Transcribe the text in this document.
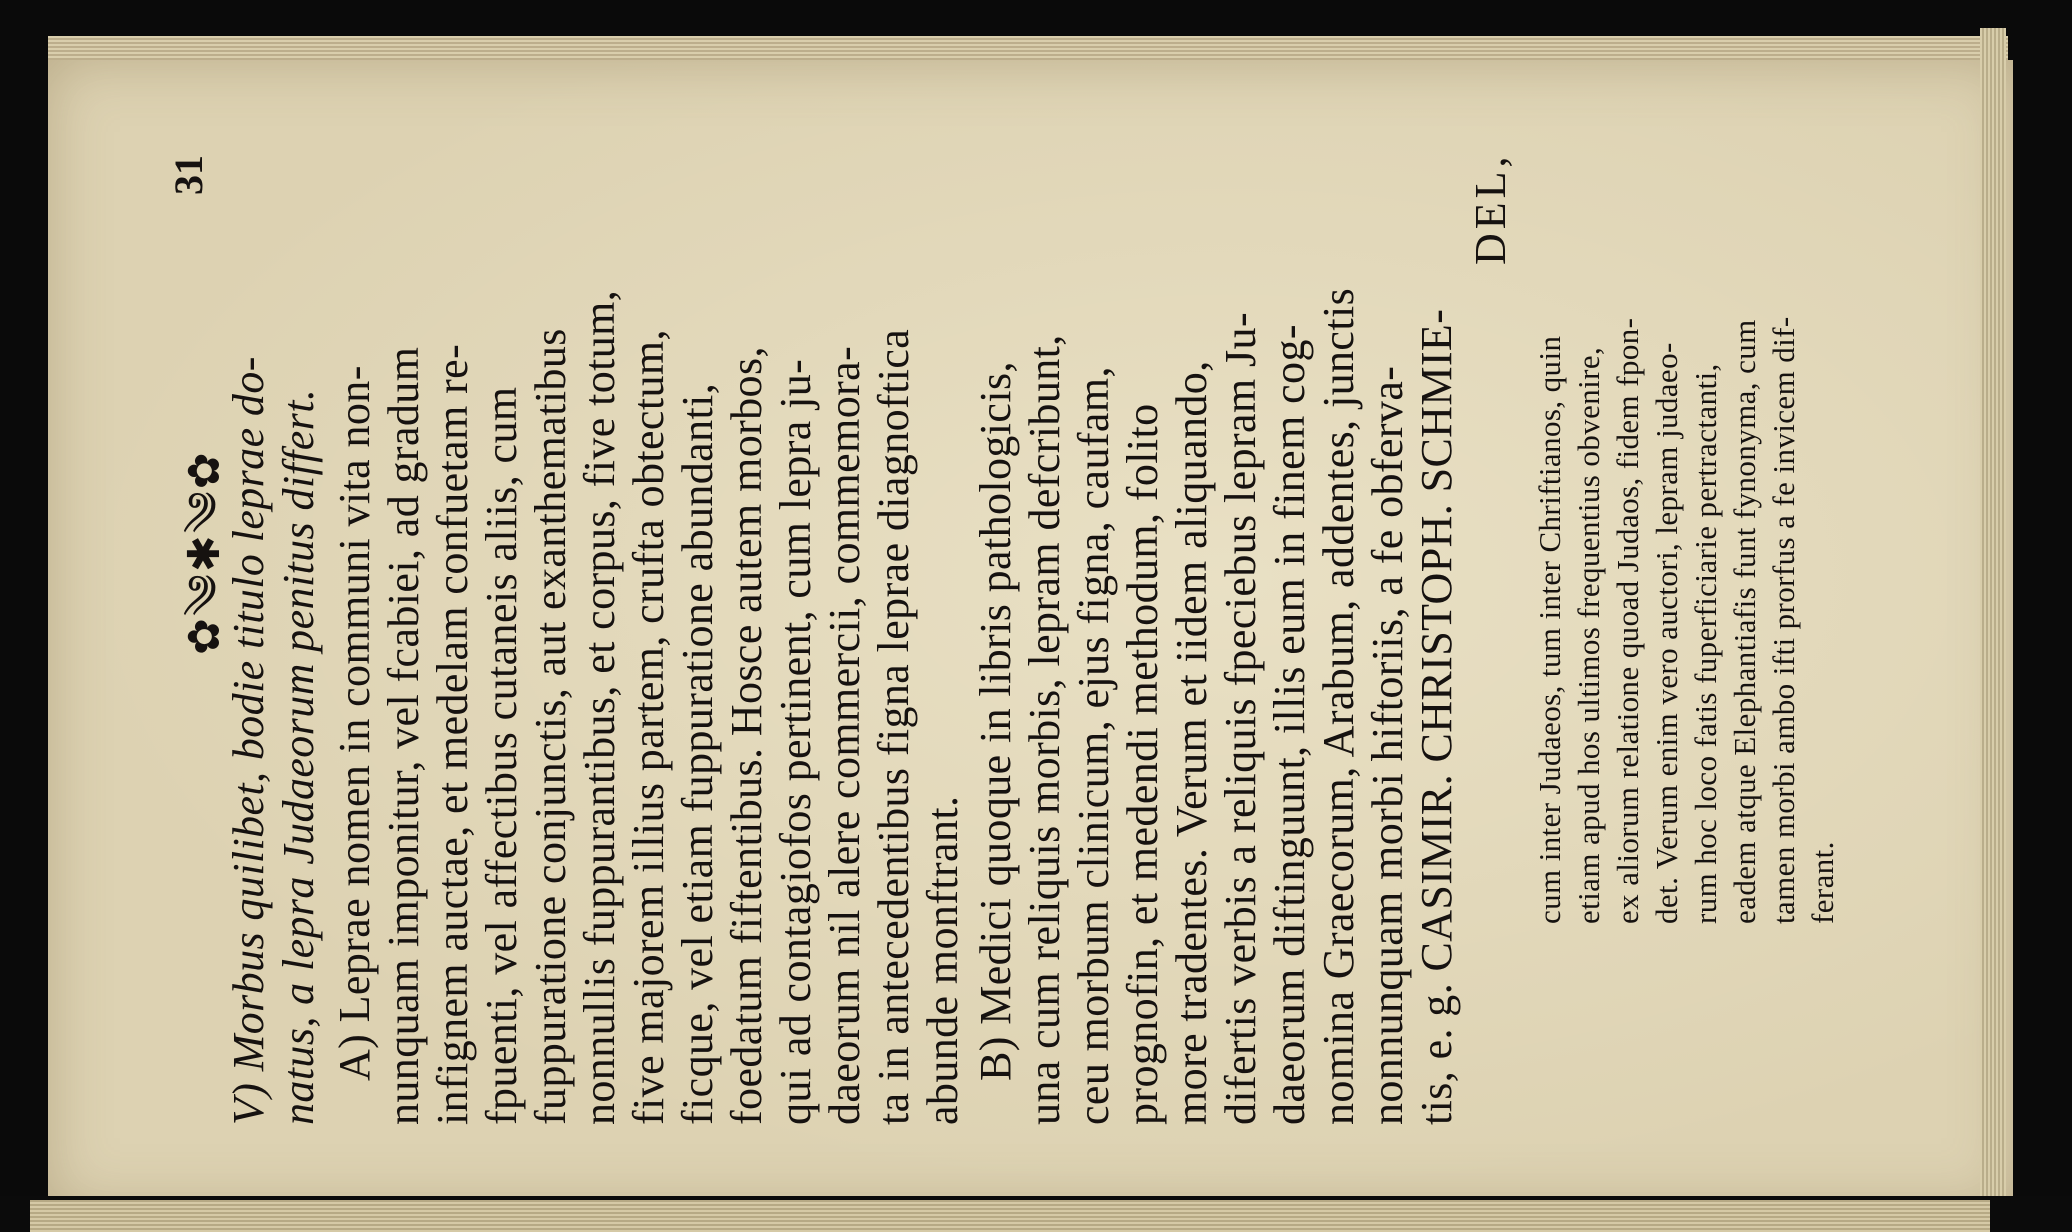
31
✿༄✱༄✿
V) Morbus quilibet, bodie titulo leprae do- natus, a lepra Judaeorum penitus differt. A) Leprae nomen in communi vita non- nunquam imponitur, vel fcabiei, ad gradum infignem auctae, et medelam confuetam re- fpuenti, vel affectibus cutaneis aliis, cum fuppuratione conjunctis, aut exanthematibus nonnullis fuppurantibus, et corpus, five totum, five majorem illius partem, crufta obtectum, ficque, vel etiam fuppuratione abundanti, foedatum fiftentibus. Hosce autem morbos, qui ad contagiofos pertinent, cum lepra ju- daeorum nil alere commercii, commemora- ta in antecedentibus figna leprae diagnoftica abunde monftrant. B) Medici quoque in libris pathologicis, una cum reliquis morbis, lepram defcribunt, ceu morbum clinicum, ejus figna, caufam, prognofin, et medendi methodum, folito more tradentes. Verum et iidem aliquando, difertis verbis a reliquis fpeciebus lepram Ju- daeorum diftinguunt, illis eum in finem cog- nomina Graecorum, Arabum, addentes, junctis nonnunquam morbi hiftoriis, a fe obferva- tis, e. g. CASIMIR. CHRISTOPH. SCHMIE-
DEL,
cum inter Judaeos, tum inter Chriftianos, quin etiam apud hos ultimos frequentius obvenire, ex aliorum relatione quoad Judaos, fidem fpon- det. Verum enim vero auctori, lepram judaeo- rum hoc loco fatis fuperficiarie pertractanti, eadem atque Elephantiafis funt fynonyma, cum tamen morbi ambo ifti prorfus a fe invicem dif- ferant.
